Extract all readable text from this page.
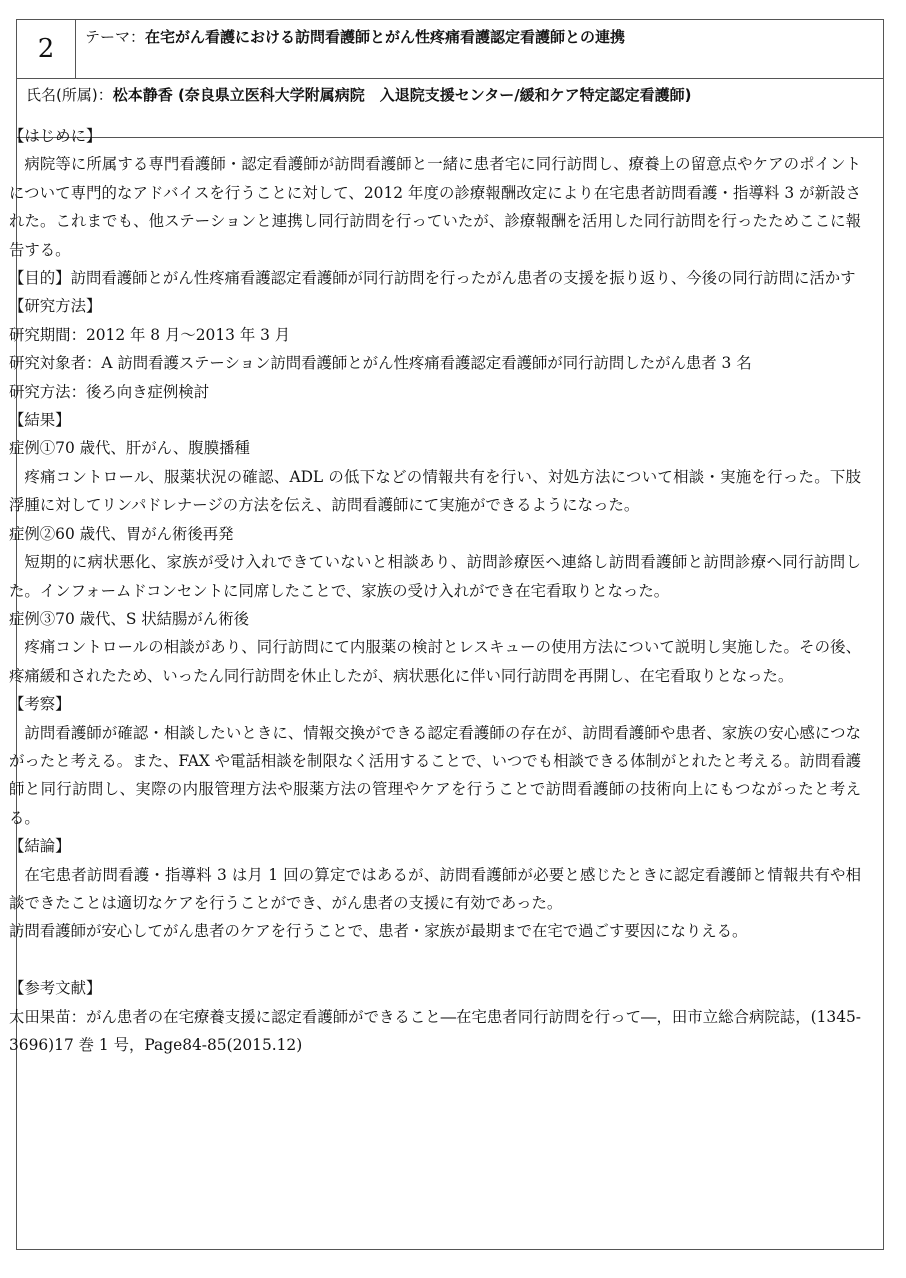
2	テーマ：在宅がん看護における訪問看護師とがん性疼痛看護認定看護師との連携
氏名(所属)：松本静香 (奈良県立医科大学附属病院　入退院支援センター/緩和ケア特定認定看護師)

【はじめに】

病院等に所属する専門看護師・認定看護師が訪問看護師と一緒に患者宅に同行訪問し、療養上の留意点やケアのポイントについて専門的なアドバイスを行うことに対して、2012 年度の診療報酬改定により在宅患者訪問看護・指導料 3 が新設された。これまでも、他ステーションと連携し同行訪問を行っていたが、診療報酬を活用した同行訪問を行ったためここに報告する。

【目的】訪問看護師とがん性疼痛看護認定看護師が同行訪問を行ったがん患者の支援を振り返り、今後の同行訪問に活かす

【研究方法】

研究期間：2012 年 8 月～2013 年 3 月

研究対象者：A 訪問看護ステーション訪問看護師とがん性疼痛看護認定看護師が同行訪問したがん患者 3 名

研究方法：後ろ向き症例検討

【結果】

症例①70 歳代、肝がん、腹膜播種

疼痛コントロール、服薬状況の確認、ADL の低下などの情報共有を行い、対処方法について相談・実施を行った。下肢浮腫に対してリンパドレナージの方法を伝え、訪問看護師にて実施ができるようになった。

症例②60 歳代、胃がん術後再発

短期的に病状悪化、家族が受け入れできていないと相談あり、訪問診療医へ連絡し訪問看護師と訪問診療へ同行訪問した。インフォームドコンセントに同席したことで、家族の受け入れができ在宅看取りとなった。

症例③70 歳代、S 状結腸がん術後

疼痛コントロールの相談があり、同行訪問にて内服薬の検討とレスキューの使用方法について説明し実施した。その後、疼痛緩和されたため、いったん同行訪問を休止したが、病状悪化に伴い同行訪問を再開し、在宅看取りとなった。

【考察】

訪問看護師が確認・相談したいときに、情報交換ができる認定看護師の存在が、訪問看護師や患者、家族の安心感につながったと考える。また、FAX や電話相談を制限なく活用することで、いつでも相談できる体制がとれたと考える。訪問看護師と同行訪問し、実際の内服管理方法や服薬方法の管理やケアを行うことで訪問看護師の技術向上にもつながったと考える。

【結論】

在宅患者訪問看護・指導料 3 は月 1 回の算定ではあるが、訪問看護師が必要と感じたときに認定看護師と情報共有や相談できたことは適切なケアを行うことができ、がん患者の支援に有効であった。

訪問看護師が安心してがん患者のケアを行うことで、患者・家族が最期まで在宅で過ごす要因になりえる。

【参考文献】

太田果苗：がん患者の在宅療養支援に認定看護師ができること―在宅患者同行訪問を行って―，田市立総合病院誌，(1345-3696)17 巻 1 号，Page84-85(2015.12)
